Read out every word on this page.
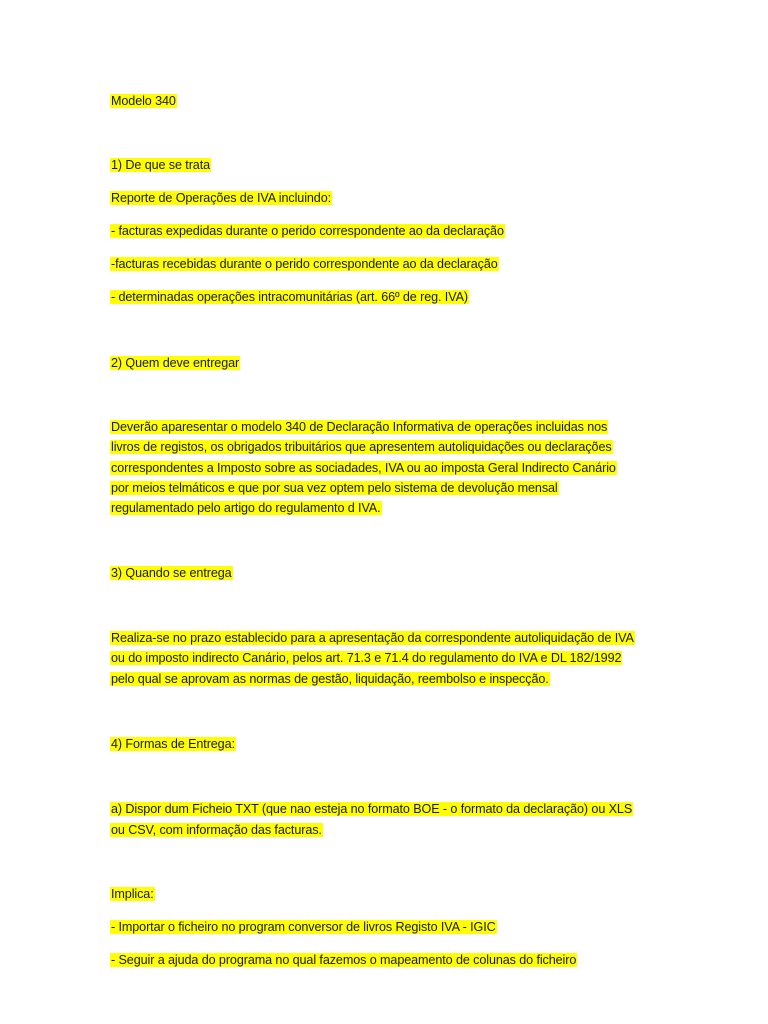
Modelo 340
1) De que se trata
Reporte de Operações de IVA incluindo:
- facturas expedidas durante o perido correspondente ao da declaração
-facturas recebidas durante o perido correspondente ao da declaração
- determinadas operações intracomunitárias (art. 66º de reg. IVA)
2) Quem deve entregar
Deverão aparesentar o modelo 340 de Declaração Informativa de operações incluidas nos
livros de registos, os obrigados tribuitários que apresentem autoliquidações ou declarações
correspondentes a Imposto sobre as sociadades, IVA ou ao imposta Geral Indirecto Canário
por meios telmáticos e que por sua vez optem pelo sistema de devolução mensal
regulamentado pelo artigo do regulamento d IVA.
3) Quando se entrega
Realiza-se no prazo establecido para a apresentação da correspondente autoliquidação de IVA
ou do imposto indirecto Canário, pelos art. 71.3 e 71.4 do regulamento do IVA e DL 182/1992
pelo qual se aprovam as normas de gestão, liquidação, reembolso e inspecção.
4) Formas de Entrega:
a) Dispor dum Ficheio TXT (que nao esteja no formato BOE - o formato da declaração) ou XLS
ou CSV, com informação das facturas.
Implica:
- Importar o ficheiro no program conversor de livros Registo IVA - IGIC
- Seguir a ajuda do programa no qual fazemos o mapeamento de colunas do ficheiro
